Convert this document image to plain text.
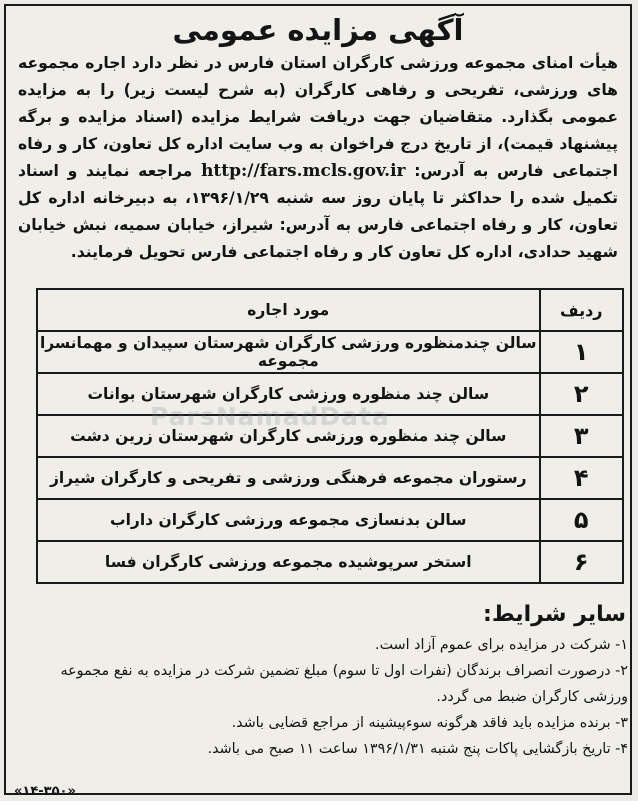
آگهی مزایده عمومی

هیأت امنای مجموعه ورزشی کارگران استان فارس در نظر دارد اجاره مجموعه های ورزشی، تفریحی و رفاهی کارگران (به شرح لیست زیر) را به مزایده عمومی بگذارد. متقاضیان جهت دریافت شرایط مزایده (اسناد مزایده و برگه پیشنهاد قیمت)، از تاریخ درج فراخوان به وب سایت اداره کل تعاون، کار و رفاه اجتماعی فارس به آدرس: http://fars.mcls.gov.ir مراجعه نمایند و اسناد تکمیل شده را حداکثر تا پایان روز سه شنبه ۱۳۹۶/۱/۲۹، به دبیرخانه اداره کل تعاون، کار و رفاه اجتماعی فارس به آدرس: شیراز، خیابان سمیه، نبش خیابان شهید حدادی، اداره کل تعاون کار و رفاه اجتماعی فارس تحویل فرمایند.

ردیف	مورد اجاره
۱	سالن چندمنظوره ورزشی کارگران شهرستان سپیدان و مهمانسرا مجموعه
۲	سالن چند منظوره ورزشی کارگران شهرستان بوانات
۳	سالن چند منظوره ورزشی کارگران شهرستان زرین دشت
۴	رستوران مجموعه فرهنگی ورزشی و تفریحی و کارگران شیراز
۵	سالن بدنسازی مجموعه ورزشی کارگران داراب
۶	استخر سرپوشیده مجموعه ورزشی کارگران فسا
ParsNamadData
سایر شرایط:

۱- شرکت در مزایده برای عموم آزاد است.

۲- درصورت انصراف برندگان (نفرات اول تا سوم) مبلغ تضمین شرکت در مزایده به نفع مجموعه ورزشی کارگران ضبط می گردد.

۳- برنده مزایده باید فاقد هرگونه سوءپیشینه از مراجع قضایی باشد.

۴- تاریخ بازگشایی پاکات پنج شنبه ۱۳۹۶/۱/۳۱ ساعت ۱۱ صبح می باشد.

«۱۴-۳۵۰»
